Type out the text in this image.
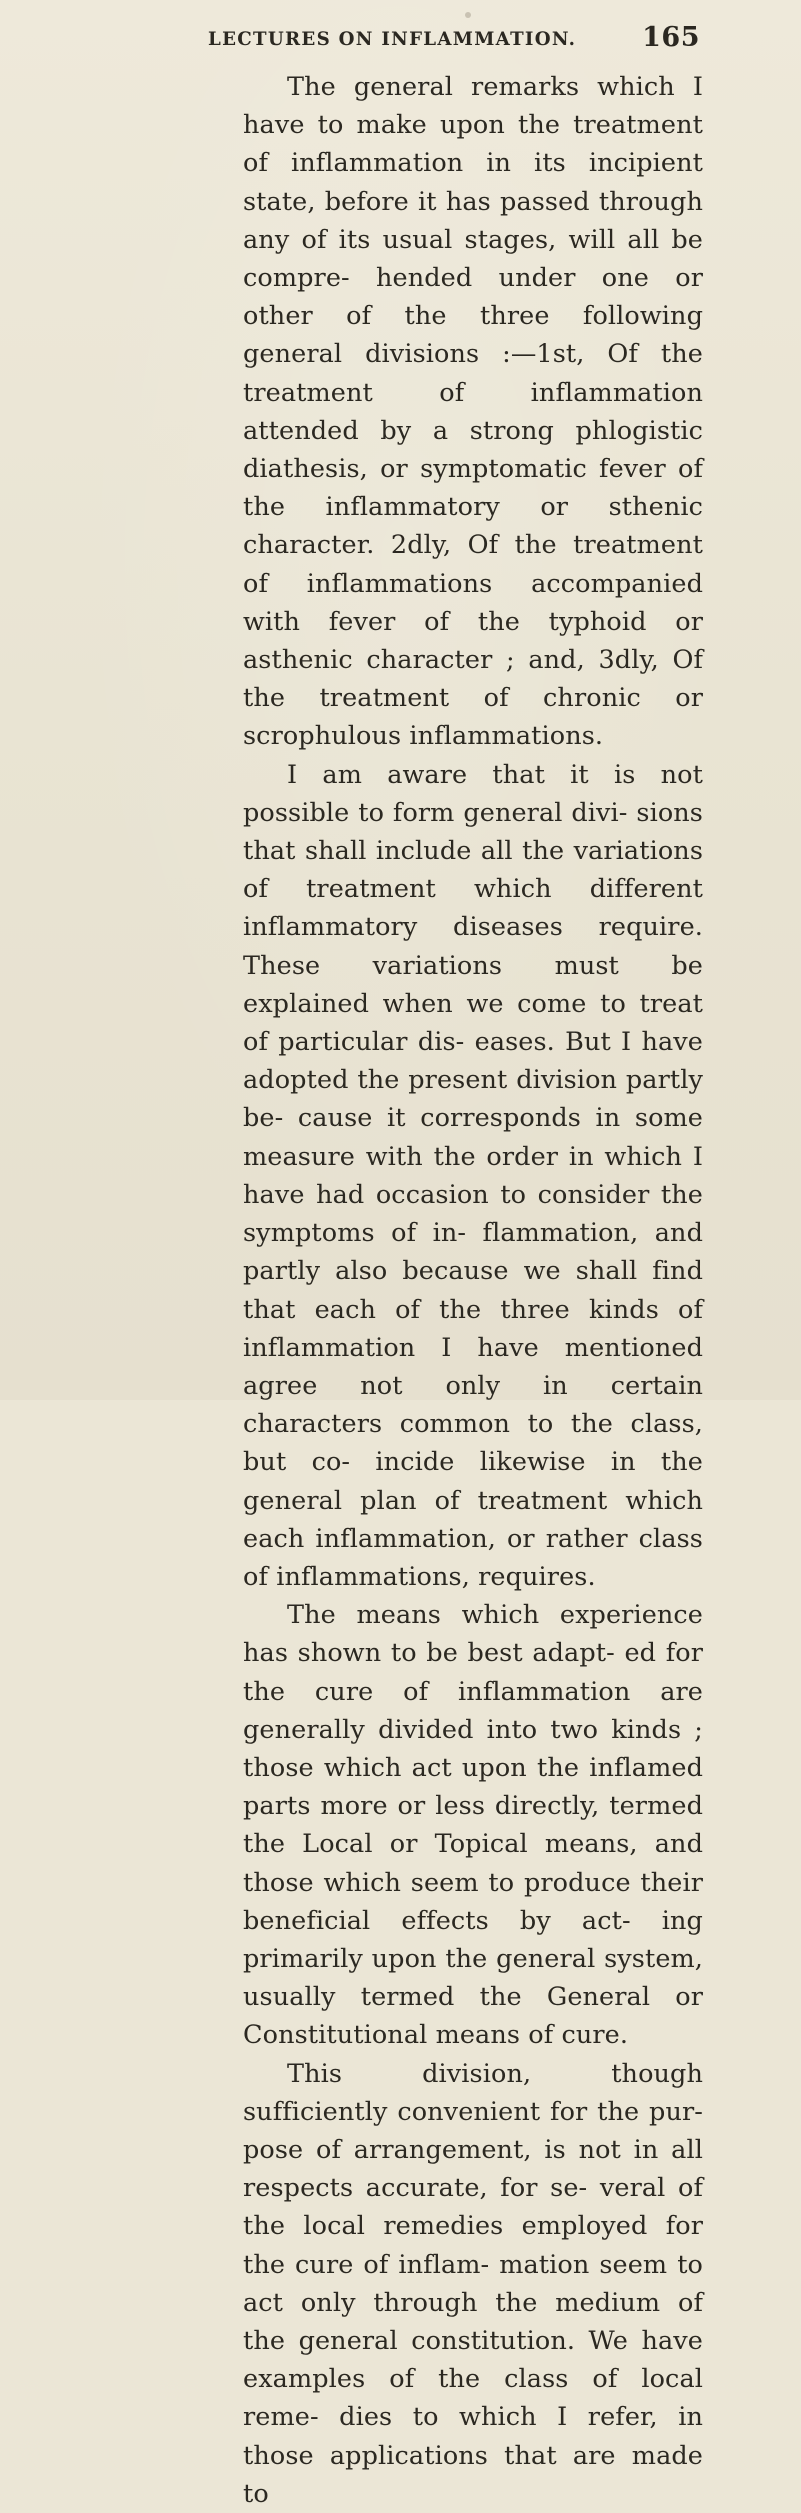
LECTURES ON INFLAMMATION. 165

The general remarks which I have to make upon the treatment of inflammation in its incipient state, before it has passed through any of its usual stages, will all be compre- hended under one or other of the three following general divisions :—1st, Of the treatment of inflammation attended by a strong phlogistic diathesis, or symptomatic fever of the inflammatory or sthenic character. 2dly, Of the treatment of inflammations accompanied with fever of the typhoid or asthenic character ; and, 3dly, Of the treatment of chronic or scrophulous inflammations.

I am aware that it is not possible to form general divi- sions that shall include all the variations of treatment which different inflammatory diseases require. These variations must be explained when we come to treat of particular dis- eases. But I have adopted the present division partly be- cause it corresponds in some measure with the order in which I have had occasion to consider the symptoms of in- flammation, and partly also because we shall find that each of the three kinds of inflammation I have mentioned agree not only in certain characters common to the class, but co- incide likewise in the general plan of treatment which each inflammation, or rather class of inflammations, requires.

The means which experience has shown to be best adapt- ed for the cure of inflammation are generally divided into two kinds ; those which act upon the inflamed parts more or less directly, termed the Local or Topical means, and those which seem to produce their beneficial effects by act- ing primarily upon the general system, usually termed the General or Constitutional means of cure.

This division, though sufficiently convenient for the pur- pose of arrangement, is not in all respects accurate, for se- veral of the local remedies employed for the cure of inflam- mation seem to act only through the medium of the general constitution. We have examples of the class of local reme- dies to which I refer, in those applications that are made to
